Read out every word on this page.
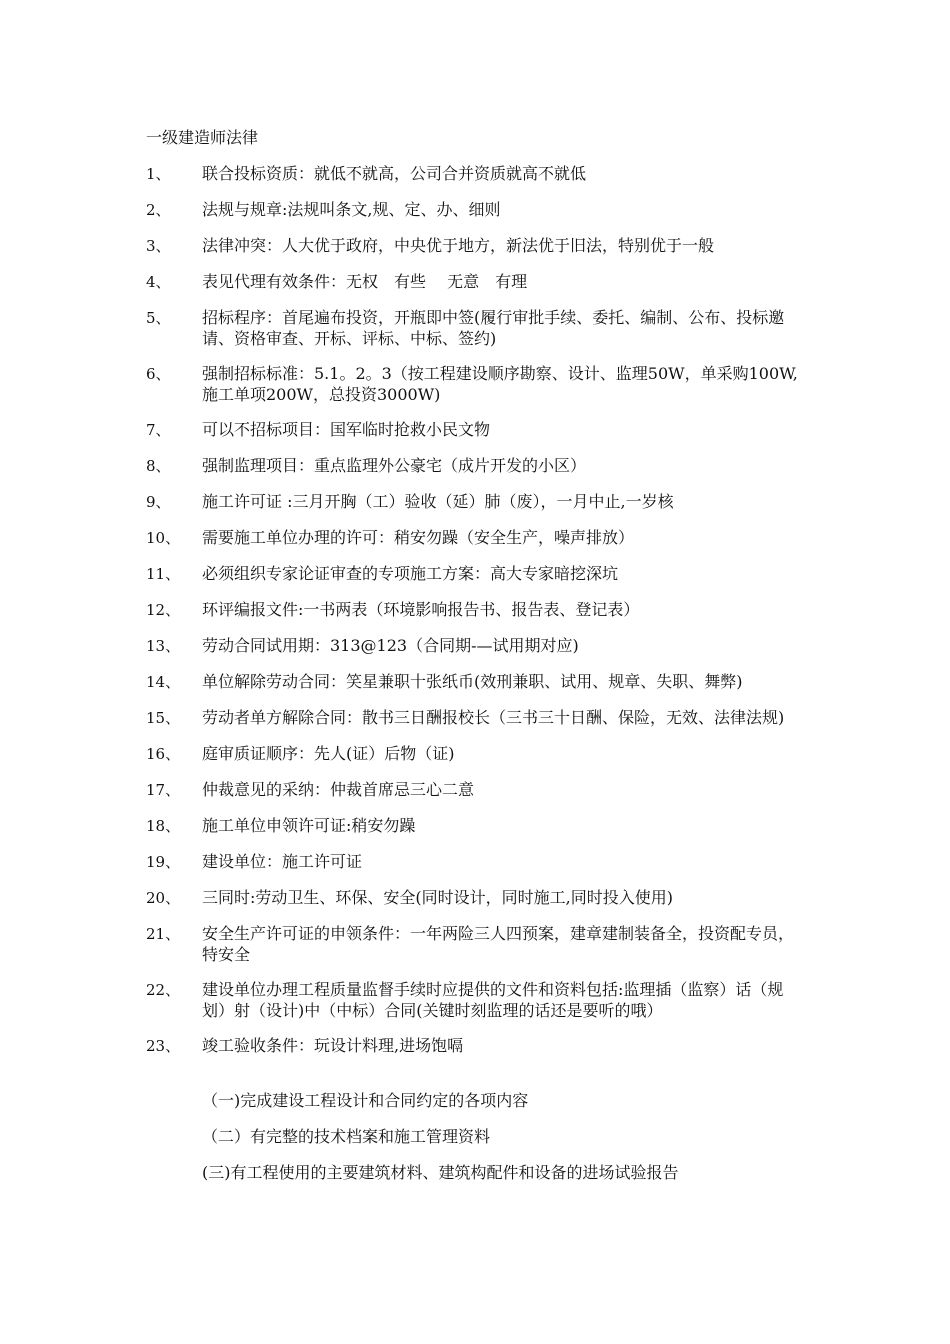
一级建造师法律
1、	联合投标资质：就低不就高，公司合并资质就高不就低
2、	法规与规章:法规叫条文,规、定、办、细则
3、	法律冲突：人大优于政府，中央优于地方，新法优于旧法，特别优于一般
4、	表见代理有效条件：无权　有些　 无意　有理
5、	招标程序：首尾遍布投资，开瓶即中签(履行审批手续、委托、编制、公布、投标邀请、资格审查、开标、评标、中标、签约)
6、	强制招标标准：5.1。2。3（按工程建设顺序勘察、设计、监理50W，单采购100W,施工单项200W，总投资3000W)
7、	可以不招标项目：国军临时抢救小民文物
8、	强制监理项目：重点监理外公豪宅（成片开发的小区）
9、	施工许可证 :三月开胸（工）验收（延）肺（废），一月中止,一岁核
10、	需要施工单位办理的许可：稍安勿躁（安全生产，噪声排放）
11、	必须组织专家论证审查的专项施工方案：高大专家暗挖深坑
12、	环评编报文件:一书两表（环境影响报告书、报告表、登记表）
13、	劳动合同试用期：313@123（合同期-—试用期对应)
14、	单位解除劳动合同：笑星兼职十张纸币(效刑兼职、试用、规章、失职、舞弊)
15、	劳动者单方解除合同：散书三日酬报校长（三书三十日酬、保险，无效、法律法规)
16、	庭审质证顺序：先人(证）后物（证)
17、	仲裁意见的采纳：仲裁首席忌三心二意
18、	施工单位申领许可证:稍安勿躁
19、	建设单位：施工许可证
20、	三同时:劳动卫生、环保、安全(同时设计，同时施工,同时投入使用)
21、	安全生产许可证的申领条件：一年两险三人四预案，建章建制装备全，投资配专员，特安全
22、	建设单位办理工程质量监督手续时应提供的文件和资料包括:监理插（监察）话（规划）射（设计)中（中标）合同(关键时刻监理的话还是要听的哦）
23、	竣工验收条件：玩设计料理,进场饱嗝
（一)完成建设工程设计和合同约定的各项内容
（二）有完整的技术档案和施工管理资料
(三)有工程使用的主要建筑材料、建筑构配件和设备的进场试验报告
